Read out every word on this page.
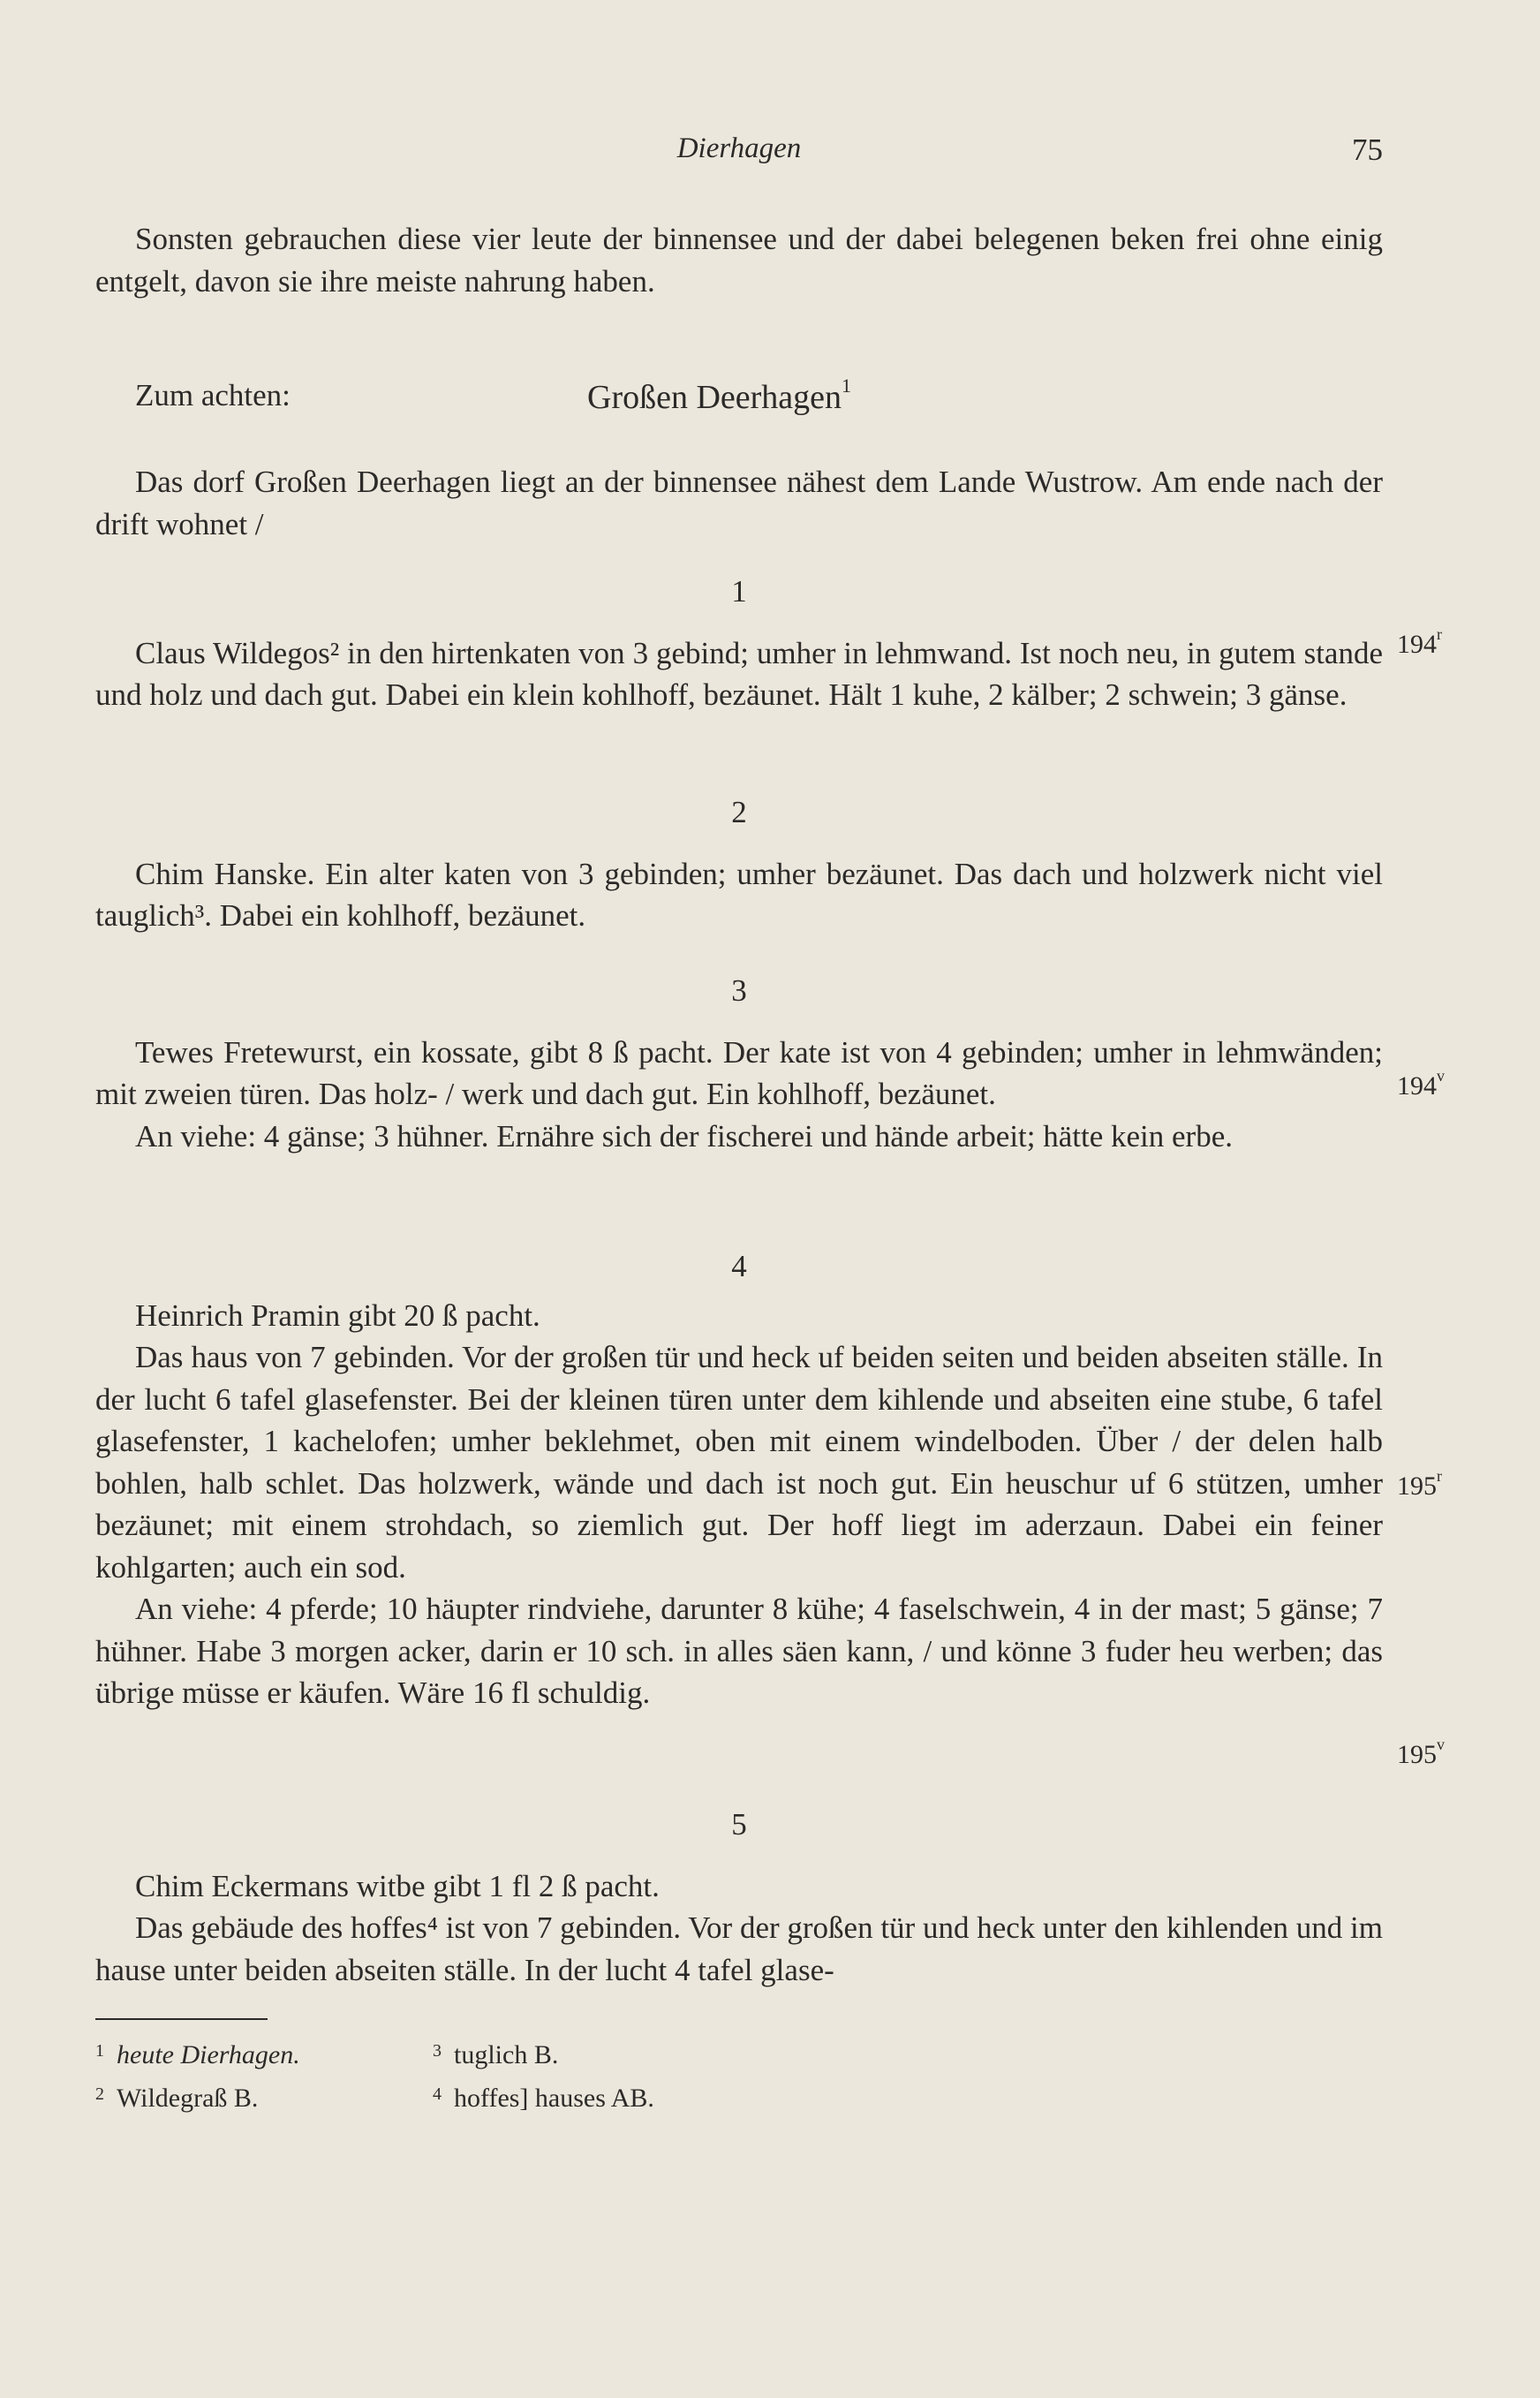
Dierhagen	75

Sonsten gebrauchen diese vier leute der binnensee und der dabei belegenen beken frei ohne einig entgelt, davon sie ihre meiste nahrung haben.

Zum achten:	Großen Deerhagen$^1$

Das dorf Großen Deerhagen liegt an der binnensee nähest dem Lande Wustrow. Am ende nach der drift wohnet /

1

Claus Wildegos² in den hirtenkaten von 3 gebind; umher in lehmwand. Ist noch neu, in gutem stande und holz und dach gut. Dabei ein klein kohlhoff, bezäunet. Hält 1 kuhe, 2 kälber; 2 schwein; 3 gänse.

2

Chim Hanske. Ein alter katen von 3 gebinden; umher bezäunet. Das dach und holzwerk nicht viel tauglich³. Dabei ein kohlhoff, bezäunet.

3

Tewes Fretewurst, ein kossate, gibt 8 ß pacht. Der kate ist von 4 gebinden; umher in lehmwänden; mit zweien türen. Das holz- / werk und dach gut. Ein kohlhoff, bezäunet.

An viehe: 4 gänse; 3 hühner. Ernähre sich der fischerei und hände arbeit; hätte kein erbe.

4

Heinrich Pramin gibt 20 ß pacht.

Das haus von 7 gebinden. Vor der großen tür und heck uf beiden seiten und beiden abseiten ställe. In der lucht 6 tafel glasefenster. Bei der kleinen türen unter dem kihlende und abseiten eine stube, 6 tafel glasefenster, 1 kachelofen; umher beklehmet, oben mit einem windelboden. Über / der delen halb bohlen, halb schlet. Das holzwerk, wände und dach ist noch gut. Ein heuschur uf 6 stützen, umher bezäunet; mit einem strohdach, so ziemlich gut. Der hoff liegt im aderzaun. Dabei ein feiner kohlgarten; auch ein sod.

An viehe: 4 pferde; 10 häupter rindviehe, darunter 8 kühe; 4 faselschwein, 4 in der mast; 5 gänse; 7 hühner. Habe 3 morgen acker, darin er 10 sch. in alles säen kann, / und könne 3 fuder heu werben; das übrige müsse er käufen. Wäre 16 fl schuldig.

5

Chim Eckermans witbe gibt 1 fl 2 ß pacht.

Das gebäude des hoffes⁴ ist von 7 gebinden. Vor der großen tür und heck unter den kihlenden und im hause unter beiden abseiten ställe. In der lucht 4 tafel glase-

194$^r$
194$^v$
195$^r$
195$^v$
$^1$ heute Dierhagen.
$^2$ Wildegraß B.
$^3$ tuglich B.
$^4$ hoffes] hauses AB.
